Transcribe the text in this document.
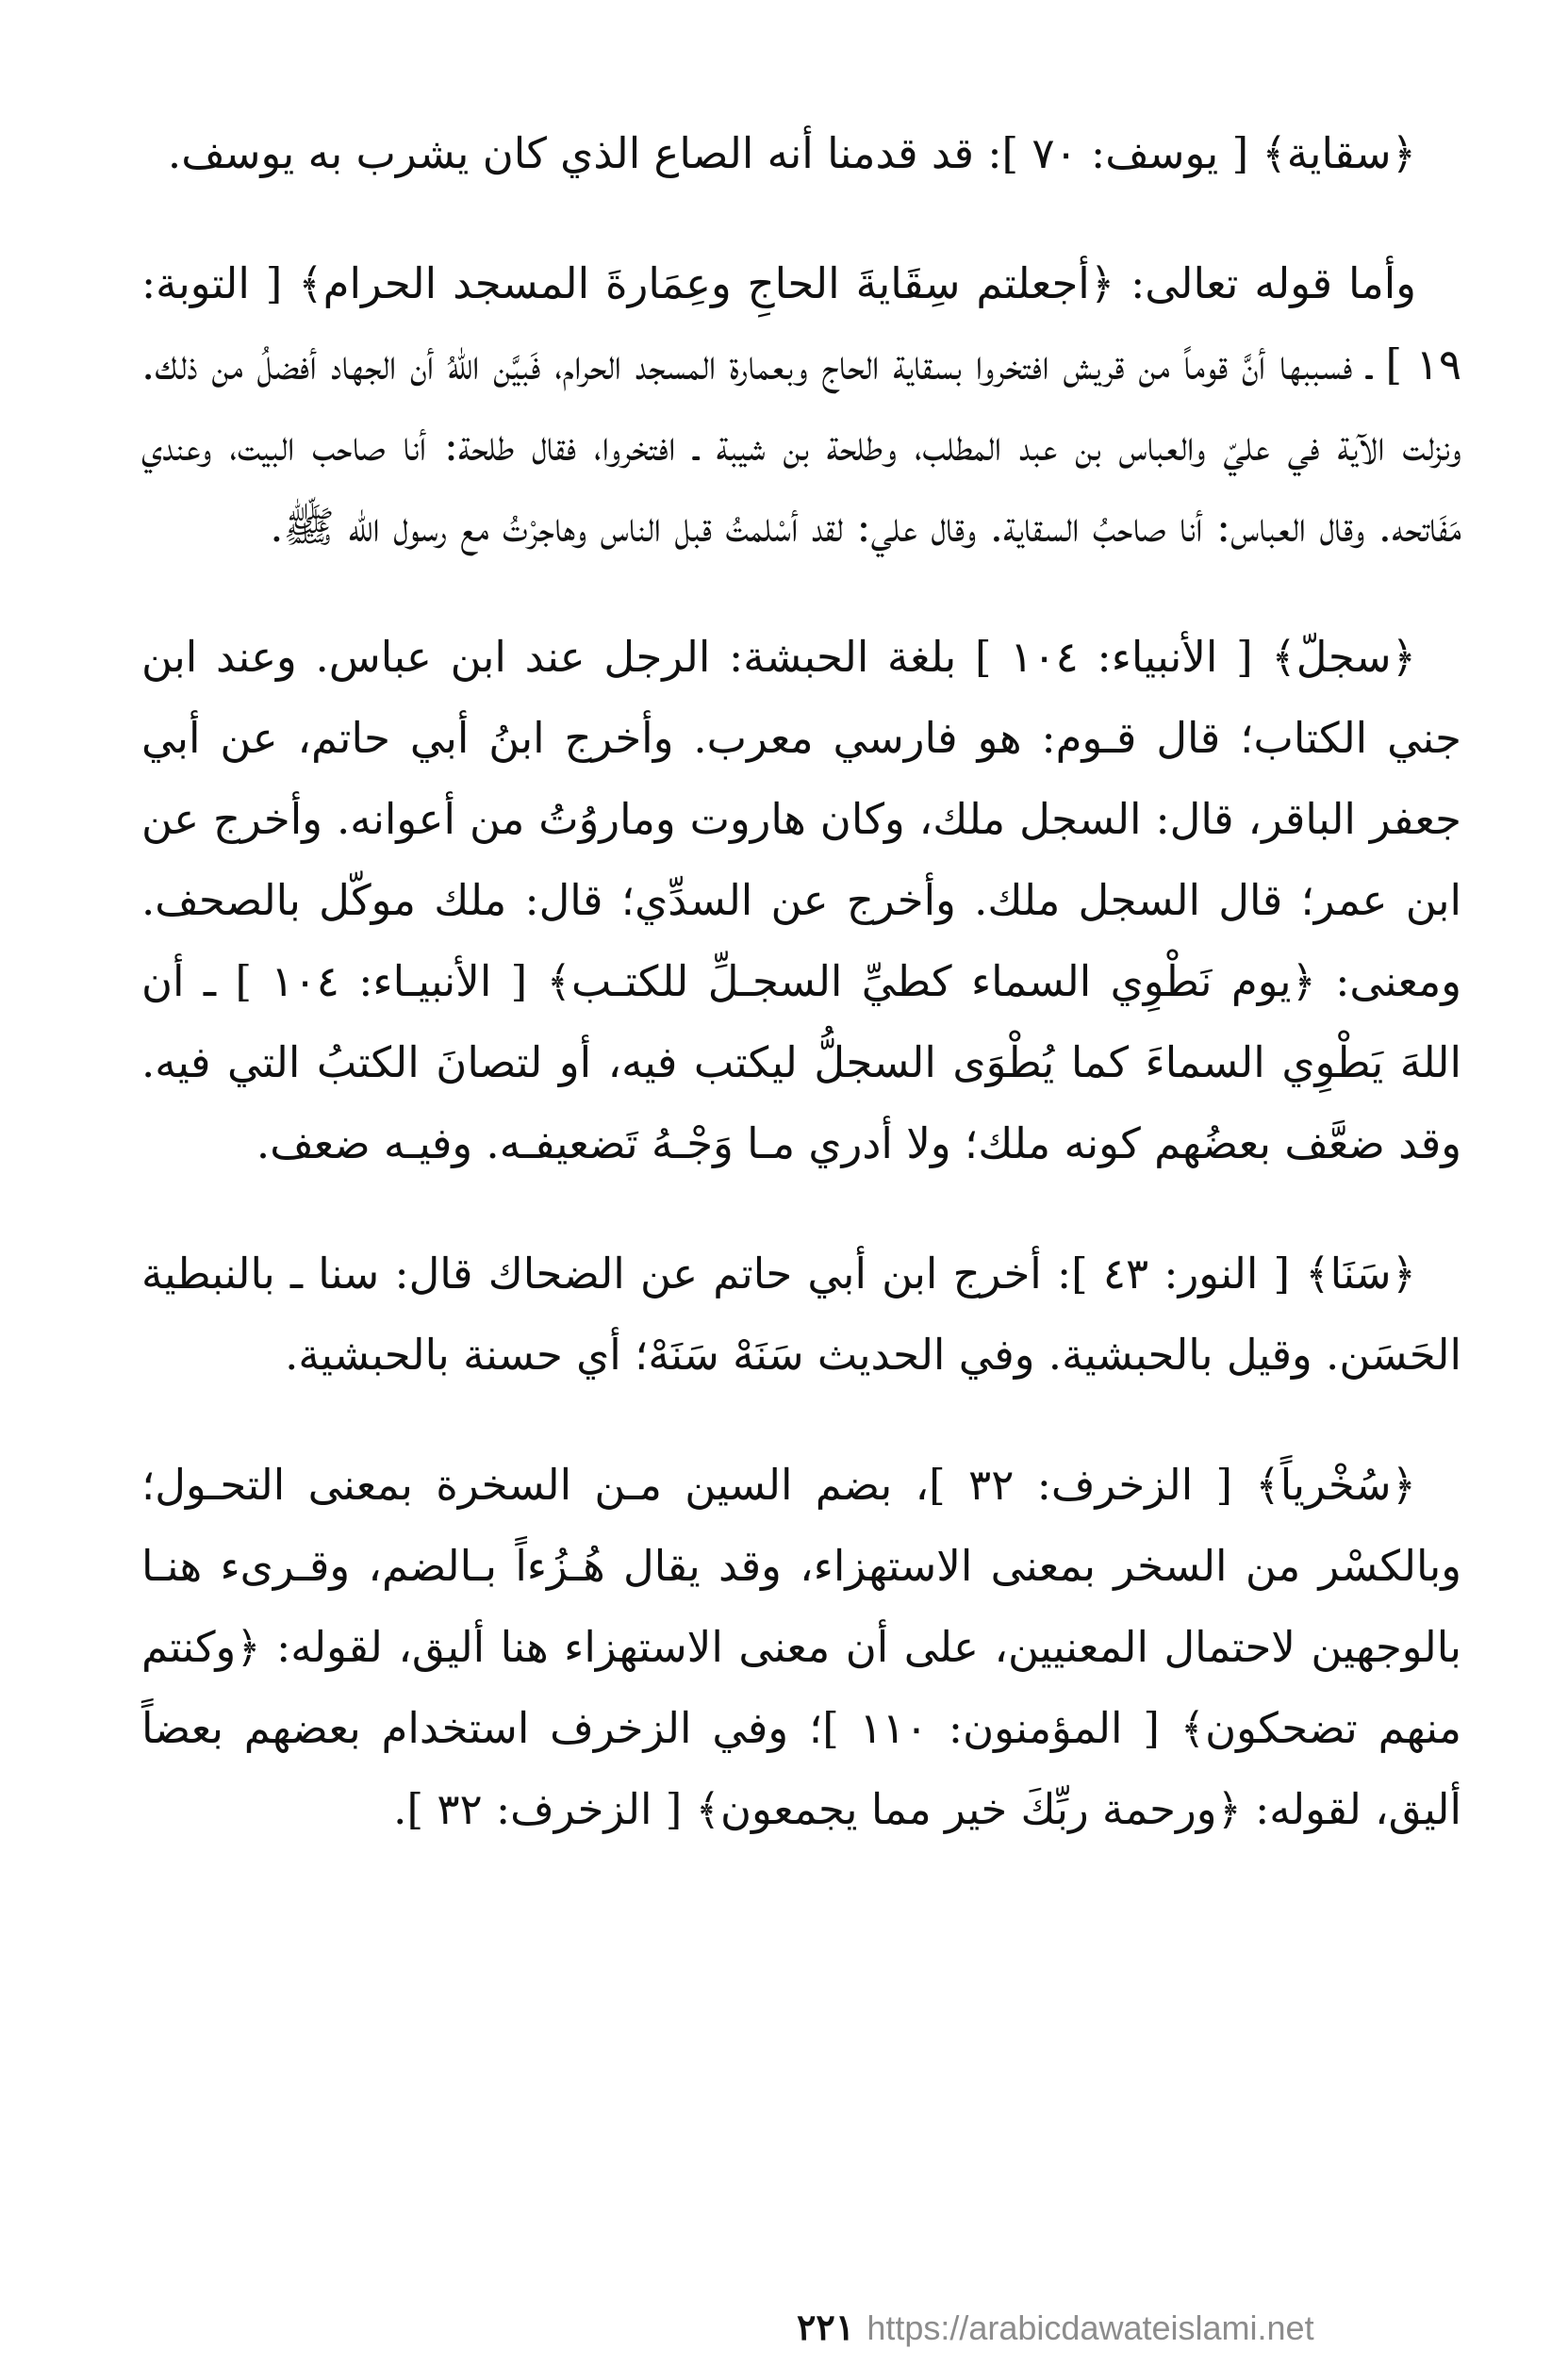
﴿سقاية﴾ [ يوسف: ٧٠ ]: قد قدمنا أنه الصاع الذي كان يشرب به يوسف.

وأما قوله تعالى: ﴿أجعلتم سِقَايةَ الحاجِ وعِمَارةَ المسجد الحرام﴾ [ التوبة: ١٩ ] ـ فسببها أنَّ قوماً من قريش افتخروا بسقاية الحاج وبعمارة المسجد الحرام، فَبيَّن اللهُ أن الجهاد أفضلُ من ذلك. ونزلت الآية في عليّ والعباس بن عبد المطلب، وطلحة بن شيبة ـ افتخروا، فقال طلحة: أنا صاحب البيت، وعندي مَفَاتحه. وقال العباس: أنا صاحبُ السقاية. وقال علي: لقد أسْلمتُ قبل الناس وهاجرْتُ مع رسول الله ﷺ.

﴿سجلّ﴾ [ الأنبياء: ١٠٤ ] بلغة الحبشة: الرجل عند ابن عباس. وعند ابن جني الكتاب؛ قال قـوم: هو فارسي معرب. وأخرج ابنُ أبي حاتم، عن أبي جعفر الباقر، قال: السجل ملك، وكان هاروت وماروُتُ من أعوانه. وأخرج عن ابن عمر؛ قال السجل ملك. وأخرج عن السدِّي؛ قال: ملك موكّل بالصحف. ومعنى: ﴿يوم نَطْوِي السماء كطيِّ السجـلِّ للكتـب﴾ [ الأنبيـاء: ١٠٤ ] ـ أن اللهَ يَطْوِي السماءَ كما يُطْوَى السجلُّ ليكتب فيه، أو لتصانَ الكتبُ التي فيه. وقد ضعَّف بعضُهم كونه ملك؛ ولا أدري مـا وَجْـهُ تَضعيفـه. وفيـه ضعف.

﴿سَنَا﴾ [ النور: ٤٣ ]: أخرج ابن أبي حاتم عن الضحاك قال: سنا ـ بالنبطية الحَسَن. وقيل بالحبشية. وفي الحديث سَنَهْ سَنَهْ؛ أي حسنة بالحبشية.

﴿سُخْرياً﴾ [ الزخرف: ٣٢ ]، بضم السين مـن السخرة بمعنى التحـول؛ وبالكسْر من السخر بمعنى الاستهزاء، وقد يقال هُـزُءاً بـالضم، وقـرىء هنـا بالوجهين لاحتمال المعنيين، على أن معنى الاستهزاء هنا أليق، لقوله: ﴿وكنتم منهم تضحكون﴾ [ المؤمنون: ١١٠ ]؛ وفي الزخرف استخدام بعضهم بعضاً أليق، لقوله: ﴿ورحمة ربِّكَ خير مما يجمعون﴾ [ الزخرف: ٣٢ ].

٢٢١ https://arabicdawateislami.net
